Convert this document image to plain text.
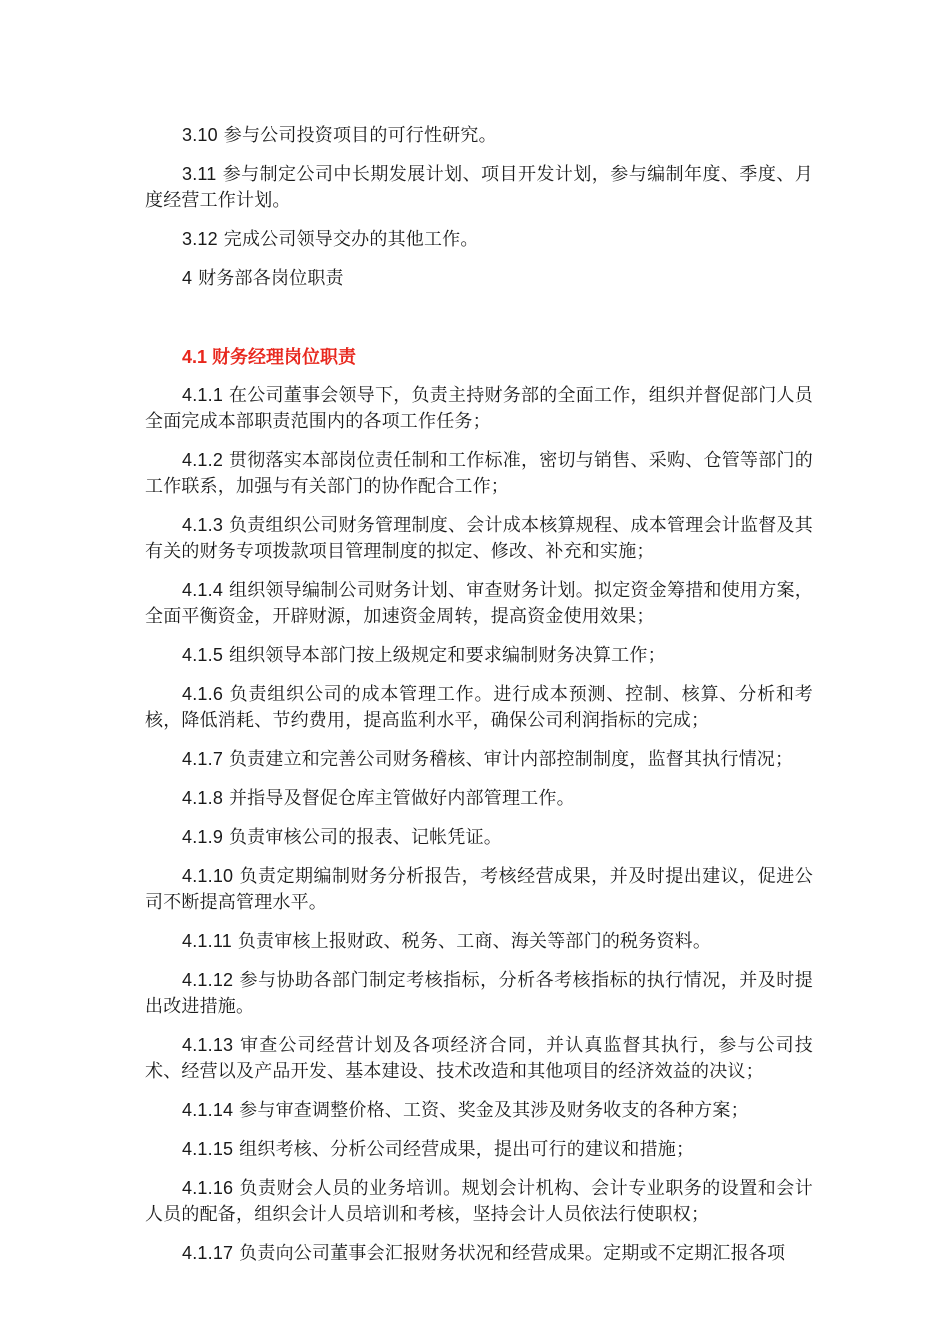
3.10 参与公司投资项目的可行性研究。

3.11 参与制定公司中长期发展计划、项目开发计划，参与编制年度、季度、月度经营工作计划。

3.12 完成公司领导交办的其他工作。

4 财务部各岗位职责

4.1 财务经理岗位职责

4.1.1 在公司董事会领导下，负责主持财务部的全面工作，组织并督促部门人员全面完成本部职责范围内的各项工作任务；

4.1.2 贯彻落实本部岗位责任制和工作标准，密切与销售、采购、仓管等部门的工作联系，加强与有关部门的协作配合工作；

4.1.3 负责组织公司财务管理制度、会计成本核算规程、成本管理会计监督及其有关的财务专项拨款项目管理制度的拟定、修改、补充和实施；

4.1.4 组织领导编制公司财务计划、审查财务计划。拟定资金筹措和使用方案，全面平衡资金，开辟财源，加速资金周转，提高资金使用效果；

4.1.5 组织领导本部门按上级规定和要求编制财务决算工作；

4.1.6 负责组织公司的成本管理工作。进行成本预测、控制、核算、分析和考核，降低消耗、节约费用，提高监利水平，确保公司利润指标的完成；

4.1.7 负责建立和完善公司财务稽核、审计内部控制制度，监督其执行情况；

4.1.8 并指导及督促仓库主管做好内部管理工作。

4.1.9 负责审核公司的报表、记帐凭证。

4.1.10 负责定期编制财务分析报告，考核经营成果，并及时提出建议，促进公司不断提高管理水平。

4.1.11 负责审核上报财政、税务、工商、海关等部门的税务资料。

4.1.12 参与协助各部门制定考核指标，分析各考核指标的执行情况，并及时提出改进措施。

4.1.13 审查公司经营计划及各项经济合同，并认真监督其执行，参与公司技术、经营以及产品开发、基本建设、技术改造和其他项目的经济效益的决议；

4.1.14 参与审查调整价格、工资、奖金及其涉及财务收支的各种方案；

4.1.15 组织考核、分析公司经营成果，提出可行的建议和措施；

4.1.16 负责财会人员的业务培训。规划会计机构、会计专业职务的设置和会计人员的配备，组织会计人员培训和考核，坚持会计人员依法行使职权；

4.1.17 负责向公司董事会汇报财务状况和经营成果。定期或不定期汇报各项
